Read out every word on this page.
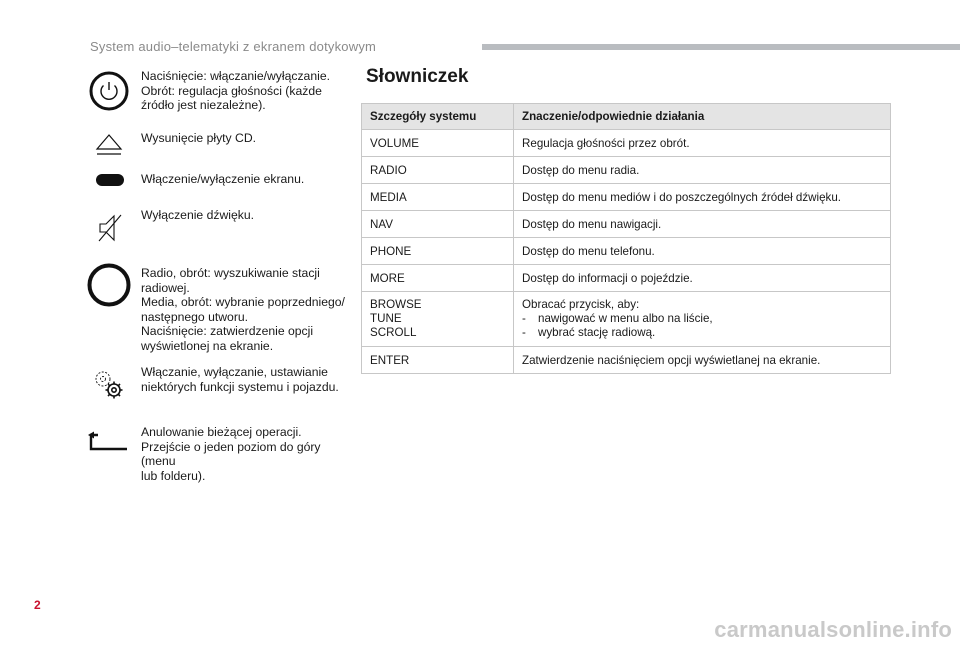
System audio–telematyki z ekranem dotykowym
Naciśnięcie: włączanie/wyłączanie.
Obrót: regulacja głośności (każde
źródło jest niezależne).
Wysunięcie płyty CD.
Włączenie/wyłączenie ekranu.
Wyłączenie dźwięku.
Radio, obrót: wyszukiwanie stacji
radiowej.
Media, obrót: wybranie poprzedniego/
następnego utworu.
Naciśnięcie: zatwierdzenie opcji
wyświetlonej na ekranie.
Włączanie, wyłączanie, ustawianie
niektórych funkcji systemu i pojazdu.
Anulowanie bieżącej operacji.
Przejście o jeden poziom do góry (menu
lub folderu).
Słowniczek
Szczegóły systemu	Znaczenie/odpowiednie działania
VOLUME	Regulacja głośności przez obrót.
RADIO	Dostęp do menu radia.
MEDIA	Dostęp do menu mediów i do poszczególnych źródeł dźwięku.
NAV	Dostęp do menu nawigacji.
PHONE	Dostęp do menu telefonu.
MORE	Dostęp do informacji o pojeździe.

BROWSE
TUNE
SCROLL	Obracać przycisk, aby:
- nawigować w menu albo na liście,
- wybrać stację radiową.

ENTER	Zatwierdzenie naciśnięciem opcji wyświetlanej na ekranie.
2
carmanualsonline.info
